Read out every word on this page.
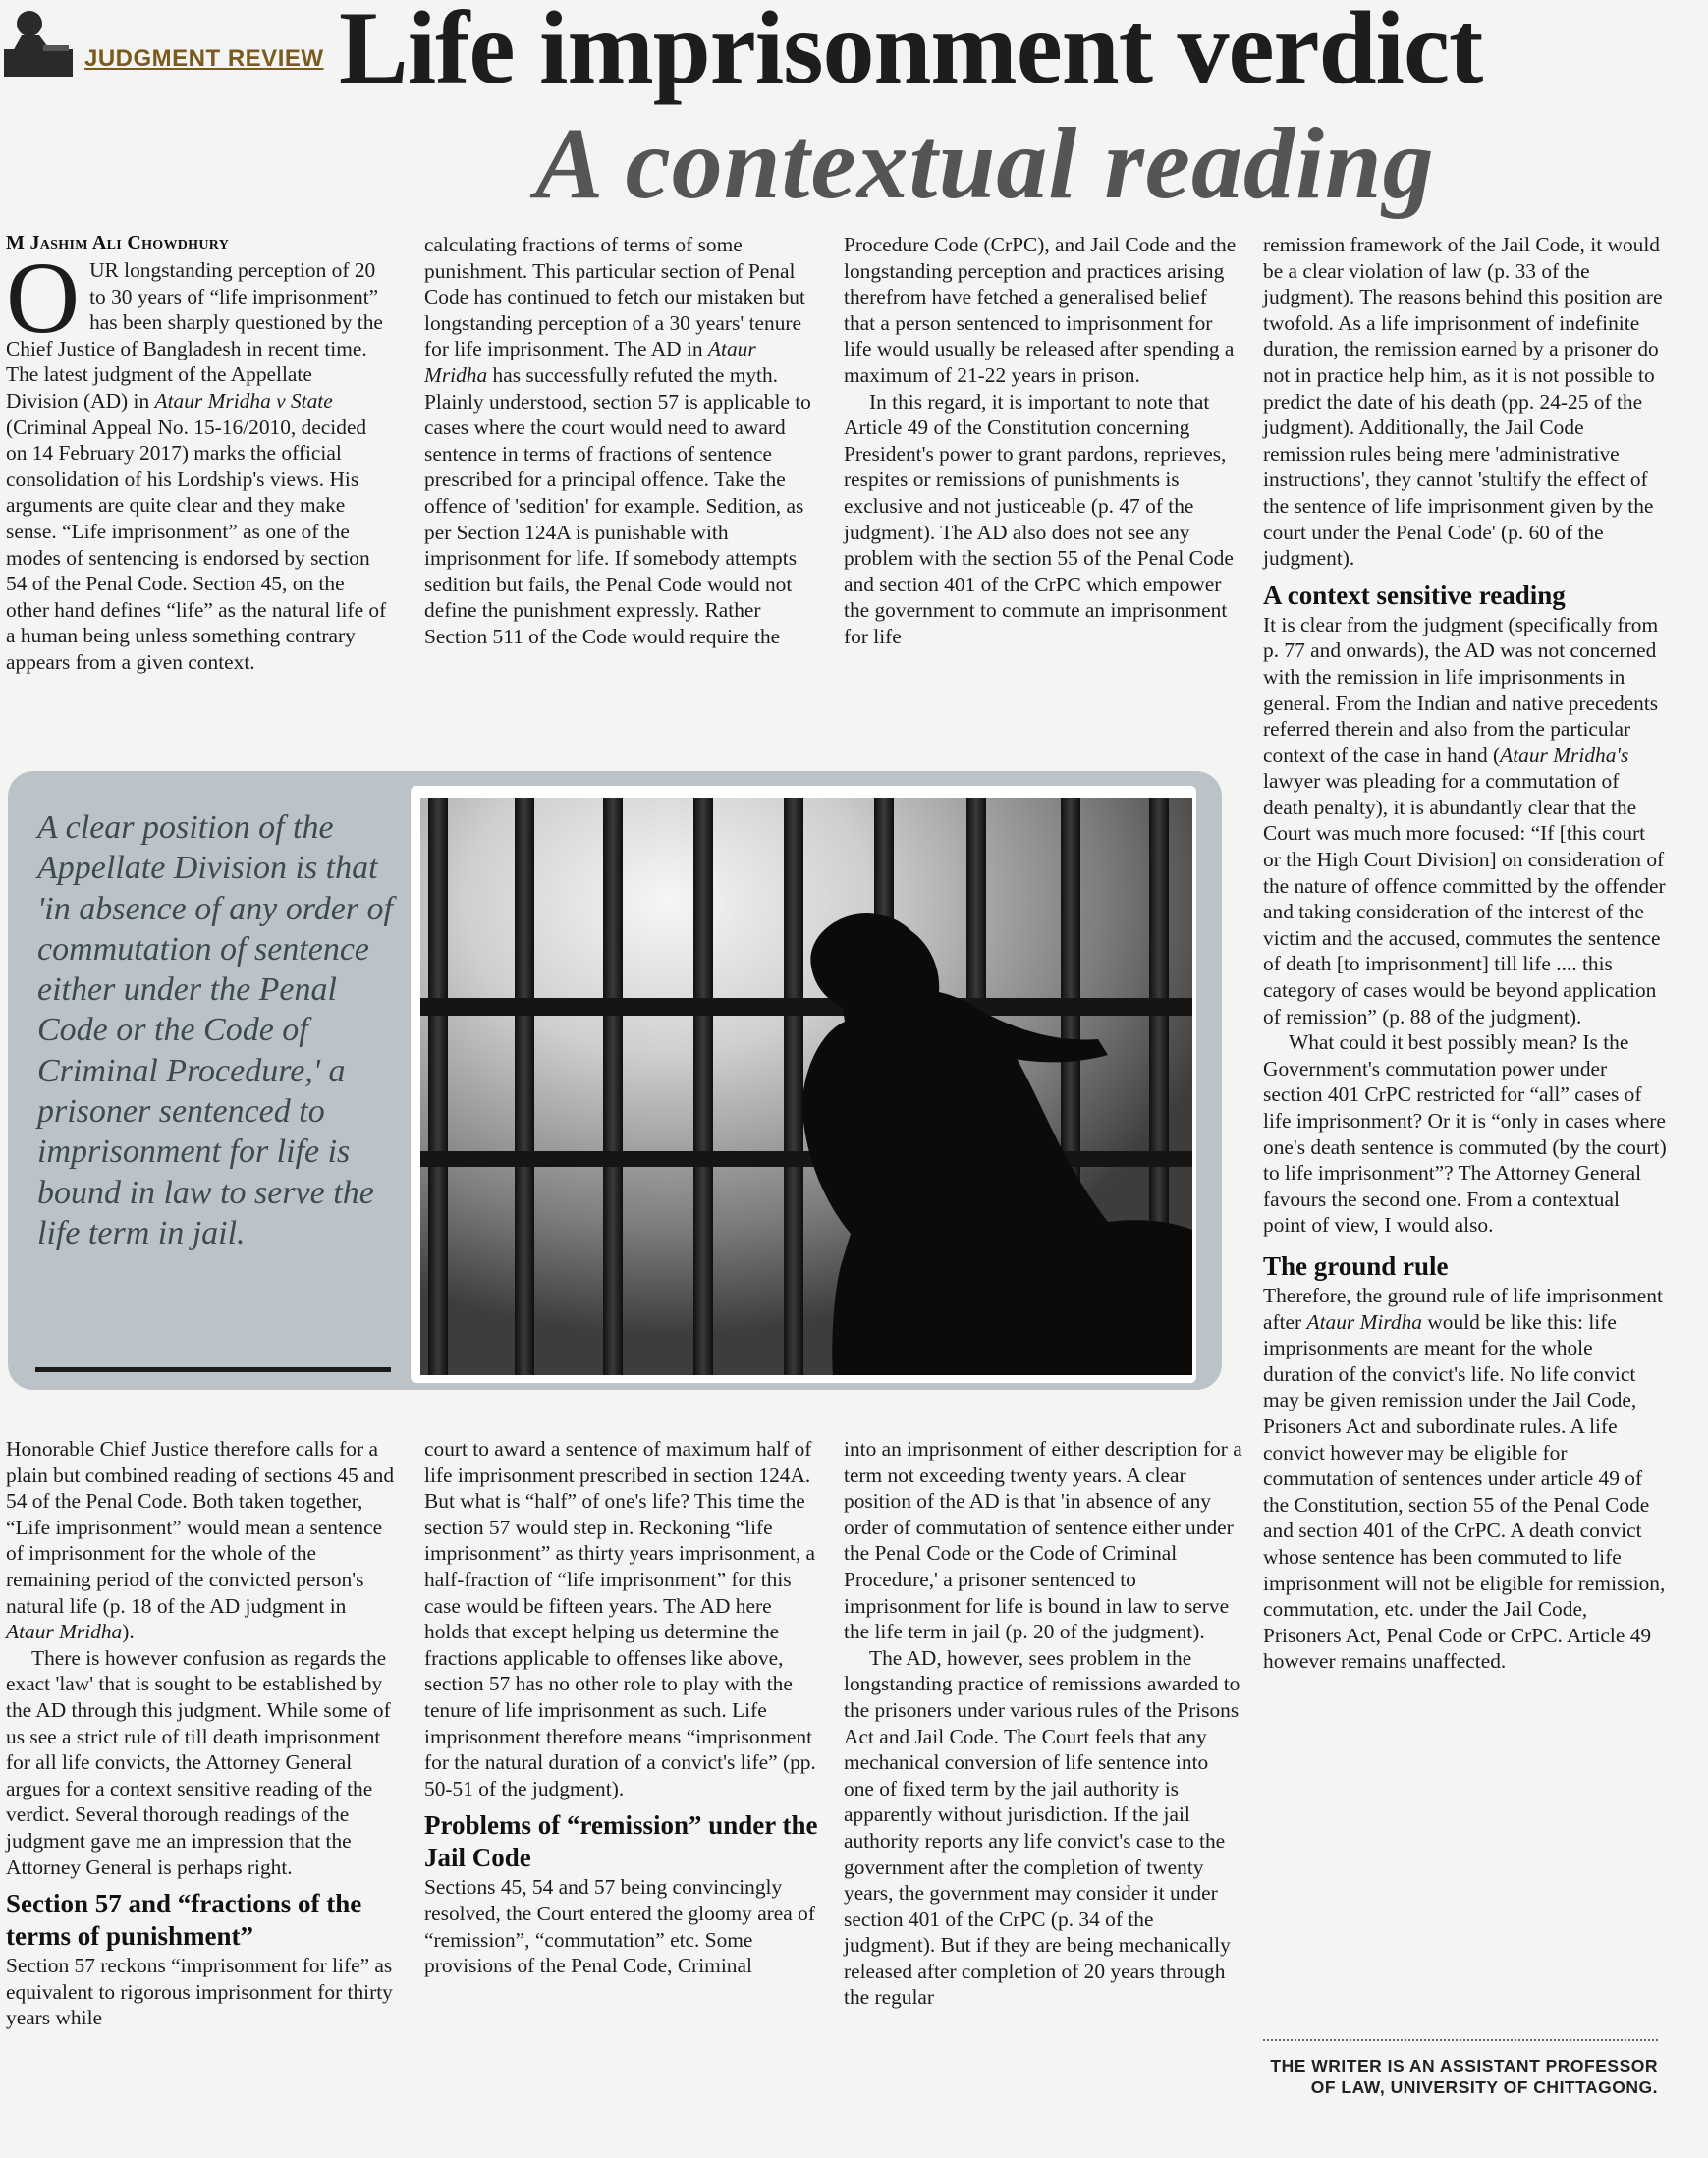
JUDGMENT REVIEW Life imprisonment verdict
A contextual reading
M Jashim Ali Chowdhury

OUR longstanding perception of 20 to 30 years of “life imprisonment” has been sharply questioned by the Chief Justice of Bangladesh in recent time. The latest judgment of the Appellate Division (AD) in Ataur Mridha v State (Criminal Appeal No. 15-16/2010, decided on 14 February 2017) marks the official consolidation of his Lordship's views. His arguments are quite clear and they make sense. “Life imprisonment” as one of the modes of sentencing is endorsed by section 54 of the Penal Code. Section 45, on the other hand defines “life” as the natural life of a human being unless something contrary appears from a given context.

calculating fractions of terms of some punishment. This particular section of Penal Code has continued to fetch our mistaken but longstanding perception of a 30 years' tenure for life imprisonment. The AD in Ataur Mridha has successfully refuted the myth. Plainly understood, section 57 is applicable to cases where the court would need to award sentence in terms of fractions of sentence prescribed for a principal offence. Take the offence of 'sedition' for example. Sedition, as per Section 124A is punishable with imprisonment for life. If somebody attempts sedition but fails, the Penal Code would not define the punishment expressly. Rather Section 511 of the Code would require the

Procedure Code (CrPC), and Jail Code and the longstanding perception and practices arising therefrom have fetched a generalised belief that a person sentenced to imprisonment for life would usually be released after spending a maximum of 21-22 years in prison.

In this regard, it is important to note that Article 49 of the Constitution concerning President's power to grant pardons, reprieves, respites or remissions of punishments is exclusive and not justiceable (p. 47 of the judgment). The AD also does not see any problem with the section 55 of the Penal Code and section 401 of the CrPC which empower the government to commute an imprisonment for life

remission framework of the Jail Code, it would be a clear violation of law (p. 33 of the judgment). The reasons behind this position are twofold. As a life imprisonment of indefinite duration, the remission earned by a prisoner do not in practice help him, as it is not possible to predict the date of his death (pp. 24-25 of the judgment). Additionally, the Jail Code remission rules being mere 'administrative instructions', they cannot 'stultify the effect of the sentence of life imprisonment given by the court under the Penal Code' (p. 60 of the judgment).

A context sensitive reading

It is clear from the judgment (specifically from p. 77 and onwards), the AD was not concerned with the remission in life imprisonments in general. From the Indian and native precedents referred therein and also from the particular context of the case in hand (Ataur Mridha's lawyer was pleading for a commutation of death penalty), it is abundantly clear that the Court was much more focused: “If [this court or the High Court Division] on consideration of the nature of offence committed by the offender and taking consideration of the interest of the victim and the accused, commutes the sentence of death [to imprisonment] till life .... this category of cases would be beyond application of remission” (p. 88 of the judgment).

What could it best possibly mean? Is the Government's commutation power under section 401 CrPC restricted for “all” cases of life imprisonment? Or it is “only in cases where one's death sentence is commuted (by the court) to life imprisonment”? The Attorney General favours the second one. From a contextual point of view, I would also.

The ground rule

Therefore, the ground rule of life imprisonment after Ataur Mirdha would be like this: life imprisonments are meant for the whole duration of the convict's life. No life convict may be given remission under the Jail Code, Prisoners Act and subordinate rules. A life convict however may be eligible for commutation of sentences under article 49 of the Constitution, section 55 of the Penal Code and section 401 of the CrPC. A death convict whose sentence has been commuted to life imprisonment will not be eligible for remission, commutation, etc. under the Jail Code, Prisoners Act, Penal Code or CrPC. Article 49 however remains unaffected.

A clear position of the Appellate Division is that 'in absence of any order of commutation of sentence either under the Penal Code or the Code of Criminal Procedure,' a prisoner sentenced to imprisonment for life is bound in law to serve the life term in jail.

Honorable Chief Justice therefore calls for a plain but combined reading of sections 45 and 54 of the Penal Code. Both taken together, “Life imprisonment” would mean a sentence of imprisonment for the whole of the remaining period of the convicted person's natural life (p. 18 of the AD judgment in Ataur Mridha).

There is however confusion as regards the exact 'law' that is sought to be established by the AD through this judgment. While some of us see a strict rule of till death imprisonment for all life convicts, the Attorney General argues for a context sensitive reading of the verdict. Several thorough readings of the judgment gave me an impression that the Attorney General is perhaps right.

Section 57 and “fractions of the terms of punishment”

Section 57 reckons “imprisonment for life” as equivalent to rigorous imprisonment for thirty years while

court to award a sentence of maximum half of life imprisonment prescribed in section 124A. But what is “half” of one's life? This time the section 57 would step in. Reckoning “life imprisonment” as thirty years imprisonment, a half-fraction of “life imprisonment” for this case would be fifteen years. The AD here holds that except helping us determine the fractions applicable to offenses like above, section 57 has no other role to play with the tenure of life imprisonment as such. Life imprisonment therefore means “imprisonment for the natural duration of a convict's life” (pp. 50-51 of the judgment).

Problems of “remission” under the Jail Code

Sections 45, 54 and 57 being convincingly resolved, the Court entered the gloomy area of “remission”, “commutation” etc. Some provisions of the Penal Code, Criminal

into an imprisonment of either description for a term not exceeding twenty years. A clear position of the AD is that 'in absence of any order of commutation of sentence either under the Penal Code or the Code of Criminal Procedure,' a prisoner sentenced to imprisonment for life is bound in law to serve the life term in jail (p. 20 of the judgment).

The AD, however, sees problem in the longstanding practice of remissions awarded to the prisoners under various rules of the Prisons Act and Jail Code. The Court feels that any mechanical conversion of life sentence into one of fixed term by the jail authority is apparently without jurisdiction. If the jail authority reports any life convict's case to the government after the completion of twenty years, the government may consider it under section 401 of the CrPC (p. 34 of the judgment). But if they are being mechanically released after completion of 20 years through the regular

THE WRITER IS AN ASSISTANT PROFESSOR OF LAW, UNIVERSITY OF CHITTAGONG.
